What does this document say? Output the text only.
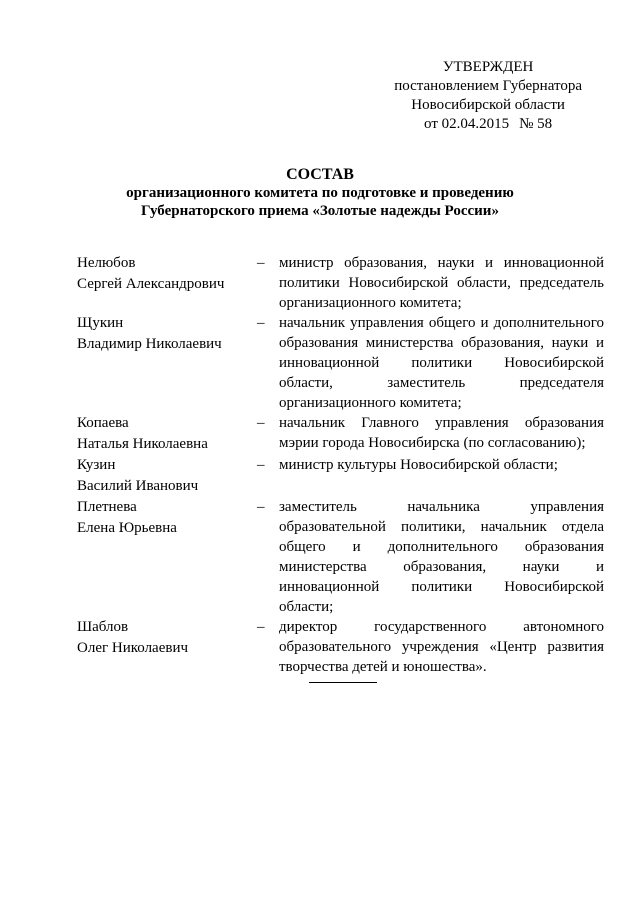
УТВЕРЖДЕН
постановлением Губернатора
Новосибирской области
от 02.04.2015 № 58
СОСТАВ
организационного комитета по подготовке и проведению
Губернаторского приема «Золотые надежды России»
Нелюбов
Сергей Александрович
– министр образования, науки и инновационной политики Новосибирской области, председатель организационного комитета;
Щукин
Владимир Николаевич
– начальник управления общего и дополнительного образования министерства образования, науки и инновационной политики Новосибирской области, заместитель председателя организационного комитета;
Копаева
Наталья Николаевна
– начальник Главного управления образования мэрии города Новосибирска (по согласованию);
Кузин
Василий Иванович
– министр культуры Новосибирской области;
Плетнева
Елена Юрьевна
– заместитель начальника управления образовательной политики, начальник отдела общего и дополнительного образования министерства образования, науки и инновационной политики Новосибирской области;
Шаблов
Олег Николаевич
– директор государственного автономного образовательного учреждения «Центр развития творчества детей и юношества».
